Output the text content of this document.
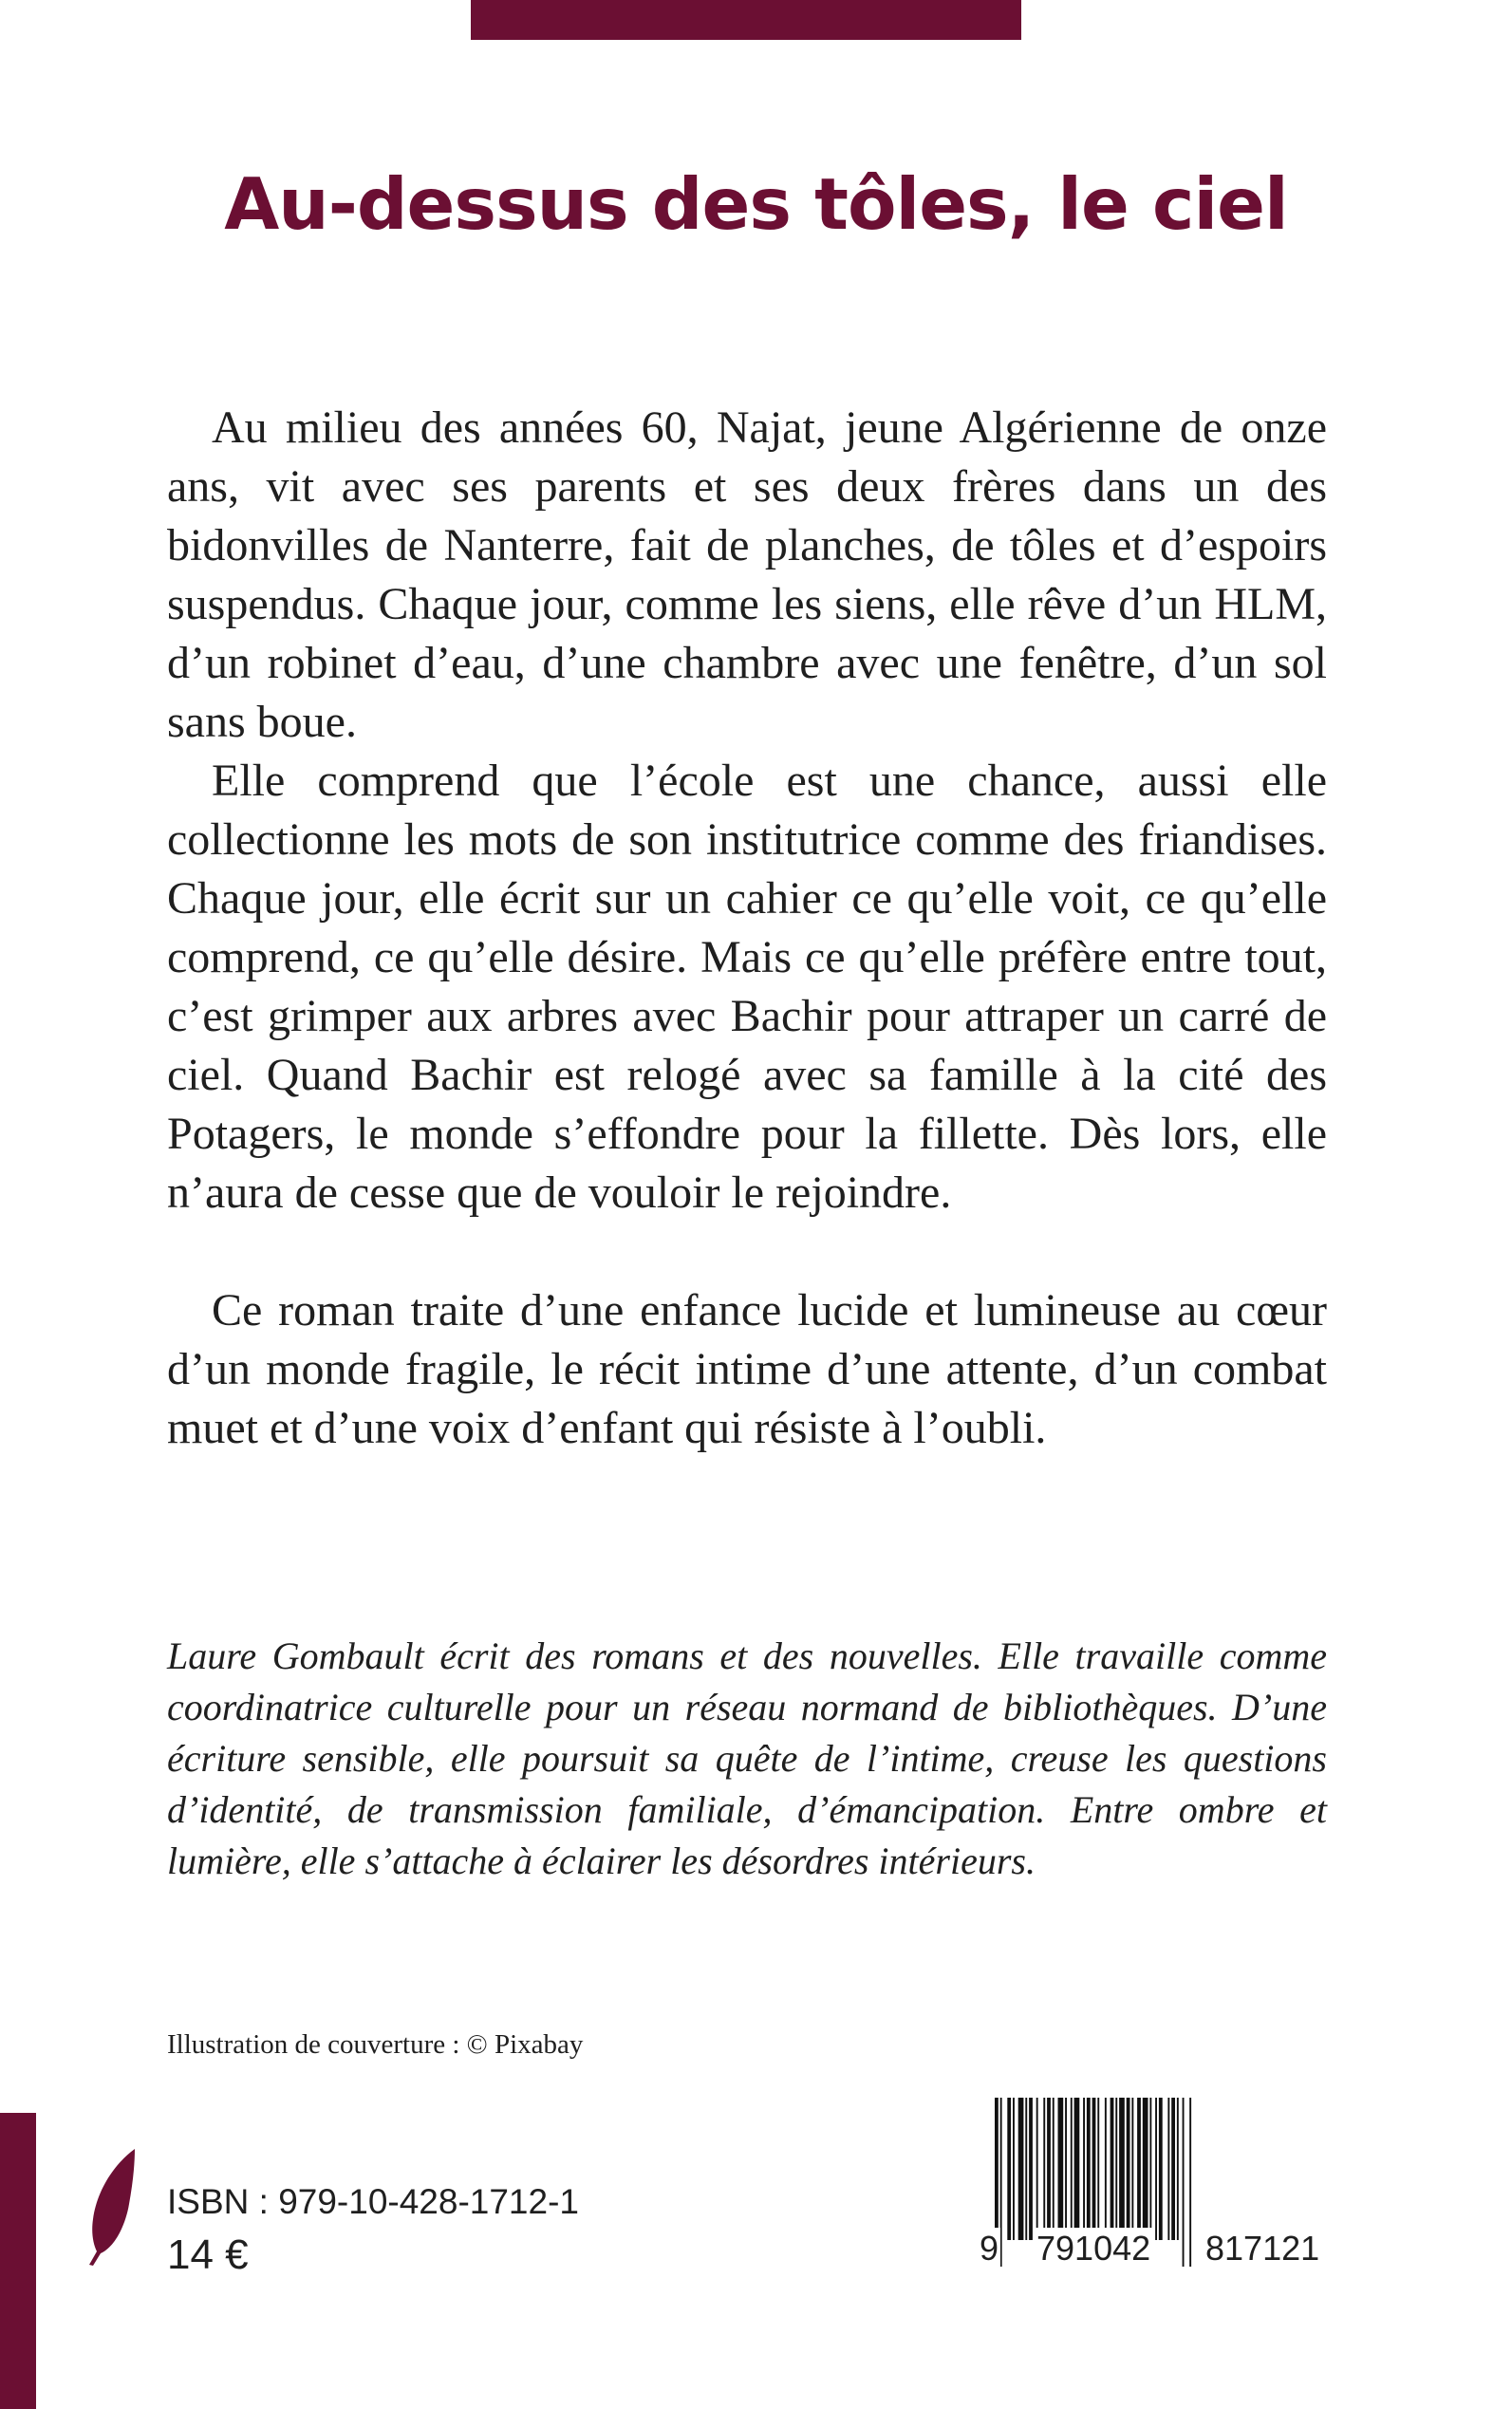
Au-dessus des tôles, le ciel

Au milieu des années 60, Najat, jeune Algérienne de onze ans, vit avec ses parents et ses deux frères dans un des bidonvilles de Nanterre, fait de planches, de tôles et d’espoirs suspendus. Chaque jour, comme les siens, elle rêve d’un HLM, d’un robinet d’eau, d’une chambre avec une fenêtre, d’un sol sans boue.

Elle comprend que l’école est une chance, aussi elle collectionne les mots de son institutrice comme des friandises. Chaque jour, elle écrit sur un cahier ce qu’elle voit, ce qu’elle comprend, ce qu’elle désire. Mais ce qu’elle préfère entre tout, c’est grimper aux arbres avec Bachir pour attraper un carré de ciel. Quand Bachir est relogé avec sa famille à la cité des Potagers, le monde s’effondre pour la fillette. Dès lors, elle n’aura de cesse que de vouloir le rejoindre.

Ce roman traite d’une enfance lucide et lumineuse au cœur d’un monde fragile, le récit intime d’une attente, d’un combat muet et d’une voix d’enfant qui résiste à l’oubli.

Laure Gombault écrit des romans et des nouvelles. Elle travaille comme coordinatrice culturelle pour un réseau normand de bibliothèques. D’une écriture sensible, elle poursuit sa quête de l’intime, creuse les questions d’identité, de transmission familiale, d’émancipation. Entre ombre et lumière, elle s’attache à éclairer les désordres intérieurs.

Illustration de couverture : © Pixabay

ISBN : 979-10-428-1712-1
14 €	9 791042 817121
